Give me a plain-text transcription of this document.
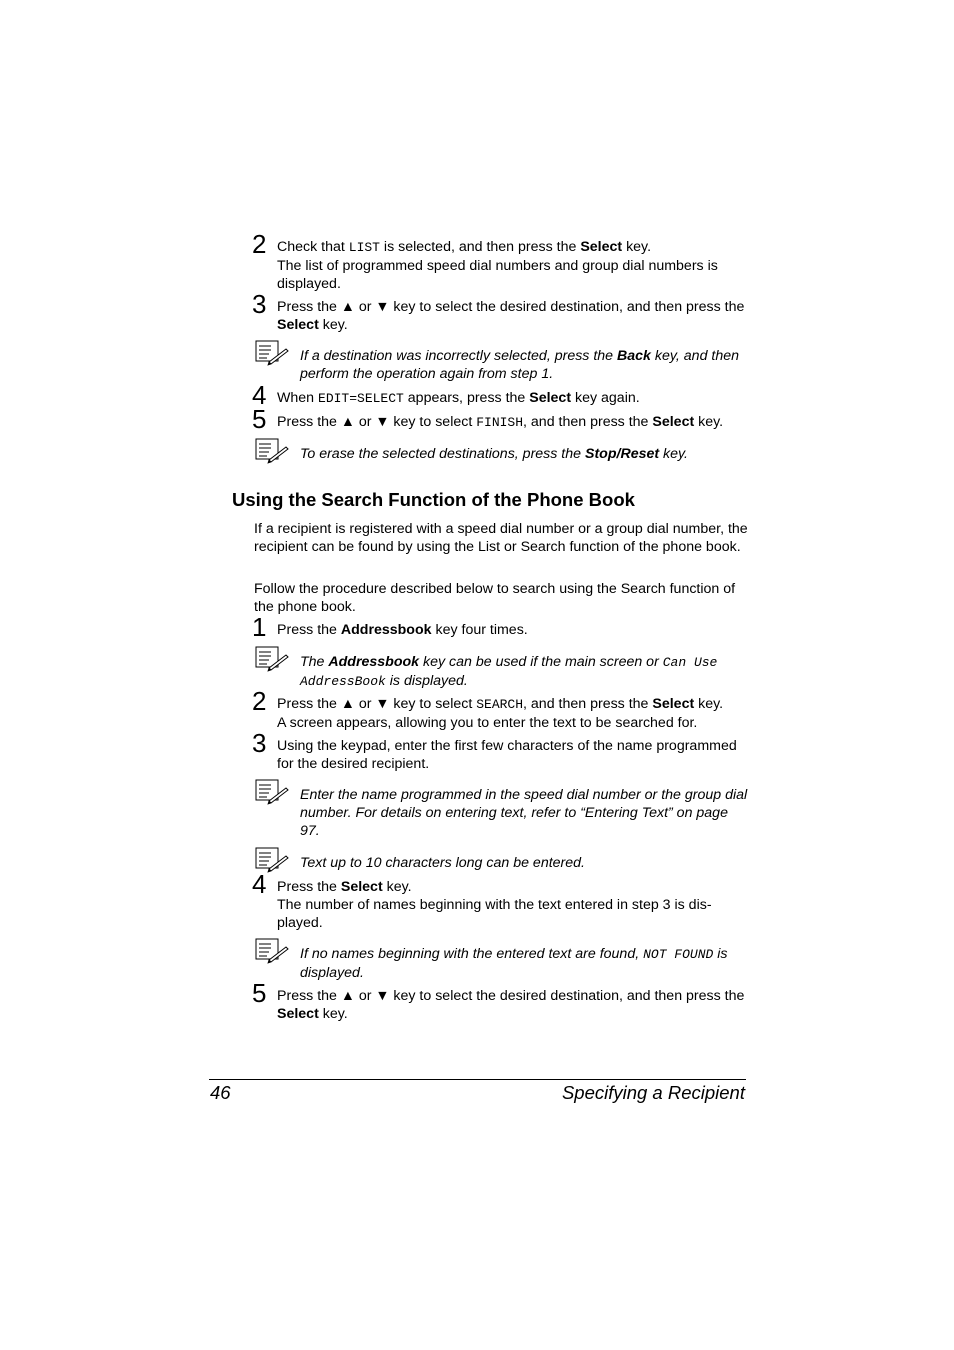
2 Check that LIST is selected, and then press the Select key.
The list of programmed speed dial numbers and group dial numbers is displayed.
3 Press the ▲ or ▼ key to select the desired destination, and then press the Select key.
If a destination was incorrectly selected, press the Back key, and then perform the operation again from step 1.
4 When EDIT=SELECT appears, press the Select key again.
5 Press the ▲ or ▼ key to select FINISH, and then press the Select key.
To erase the selected destinations, press the Stop/Reset key.
Using the Search Function of the Phone Book
If a recipient is registered with a speed dial number or a group dial number, the recipient can be found by using the List or Search function of the phone book.
Follow the procedure described below to search using the Search function of the phone book.
1 Press the Addressbook key four times.
The Addressbook key can be used if the main screen or Can Use
AddressBook is displayed.
2 Press the ▲ or ▼ key to select SEARCH, and then press the Select key.
A screen appears, allowing you to enter the text to be searched for.
3 Using the keypad, enter the first few characters of the name programmed for the desired recipient.
Enter the name programmed in the speed dial number or the group dial number. For details on entering text, refer to “Entering Text” on page 97.
Text up to 10 characters long can be entered.
4 Press the Select key.
The number of names beginning with the text entered in step 3 is dis-played.
If no names beginning with the entered text are found, NOT FOUND is displayed.
5 Press the ▲ or ▼ key to select the desired destination, and then press the Select key.
46	Specifying a Recipient
